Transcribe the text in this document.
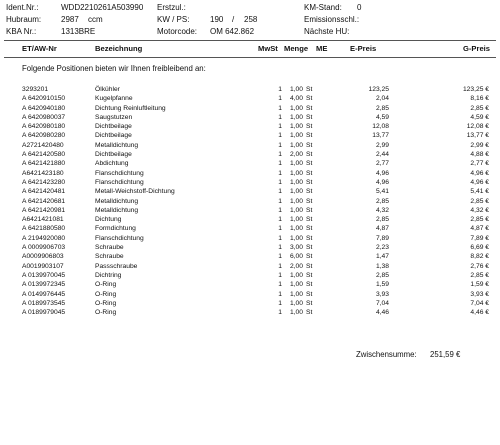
Ident.Nr.:	WDD2210261A503990
Hubraum: 2987 ccm
KBA Nr.:	1313BRE
Erstzul.:
KW / PS:	190 / 258
Motorcode: OM 642.862
KM-Stand: 0
Emissionsschl.:
Nächste HU:
ET/AW-Nr	Bezeichnung	MwSt Menge ME	E-Preis	G-Preis
Folgende Positionen bieten wir Ihnen freibleibend an:
3293201	Ölkühler	1	1,00 St	123,25	123,25 €
A 6420910150	Kugelpfanne	1	4,00 St	2,04	8,16 €
A 6420940180	Dichtung Reinluftleitung	1	1,00 St	2,85	2,85 €
A 6420980037	Saugstutzen	1	1,00 St	4,59	4,59 €
A 6420980180	Dichtbeilage	1	1,00 St	12,08	12,08 €
A 6420980280	Dichtbeilage	1	1,00 St	13,77	13,77 €
A2721420480	Metalldichtung	1	1,00 St	2,99	2,99 €
A 6421420580	Dichtbeilage	1	2,00 St	2,44	4,88 €
A 6421421880	Abdichtung	1	1,00 St	2,77	2,77 €
A6421423180	Flanschdichtung	1	1,00 St	4,96	4,96 €
A 6421423280	Flanschdichtung	1	1,00 St	4,96	4,96 €
A 6421420481	Metall-Weichstoff-Dichtung	1	1,00 St	5,41	5,41 €
A 6421420681	Metalldichtung	1	1,00 St	2,85	2,85 €
A 6421420981	Metalldichtung	1	1,00 St	4,32	4,32 €
A6421421081	Dichtung	1	1,00 St	2,85	2,85 €
A 6421880580	Formdichtung	1	1,00 St	4,87	4,87 €
A 2194920080	Flanschdichtung	1	1,00 St	7,89	7,89 €
A 0009906703	Schraube	1	3,00 St	2,23	6,69 €
A0009906803	Schraube	1	6,00 St	1,47	8,82 €
A0019903107	Passschraube	1	2,00 St	1,38	2,76 €
A 0139970045	Dichtring	1	1,00 St	2,85	2,85 €
A 0139972345	O-Ring	1	1,00 St	1,59	1,59 €
A 0149976445	O-Ring	1	1,00 St	3,93	3,93 €
A 0189973545	O-Ring	1	1,00 St	7,04	7,04 €
A 0189979045	O-Ring	1	1,00 St	4,46	4,46 €
Zwischensumme: 251,59 €
